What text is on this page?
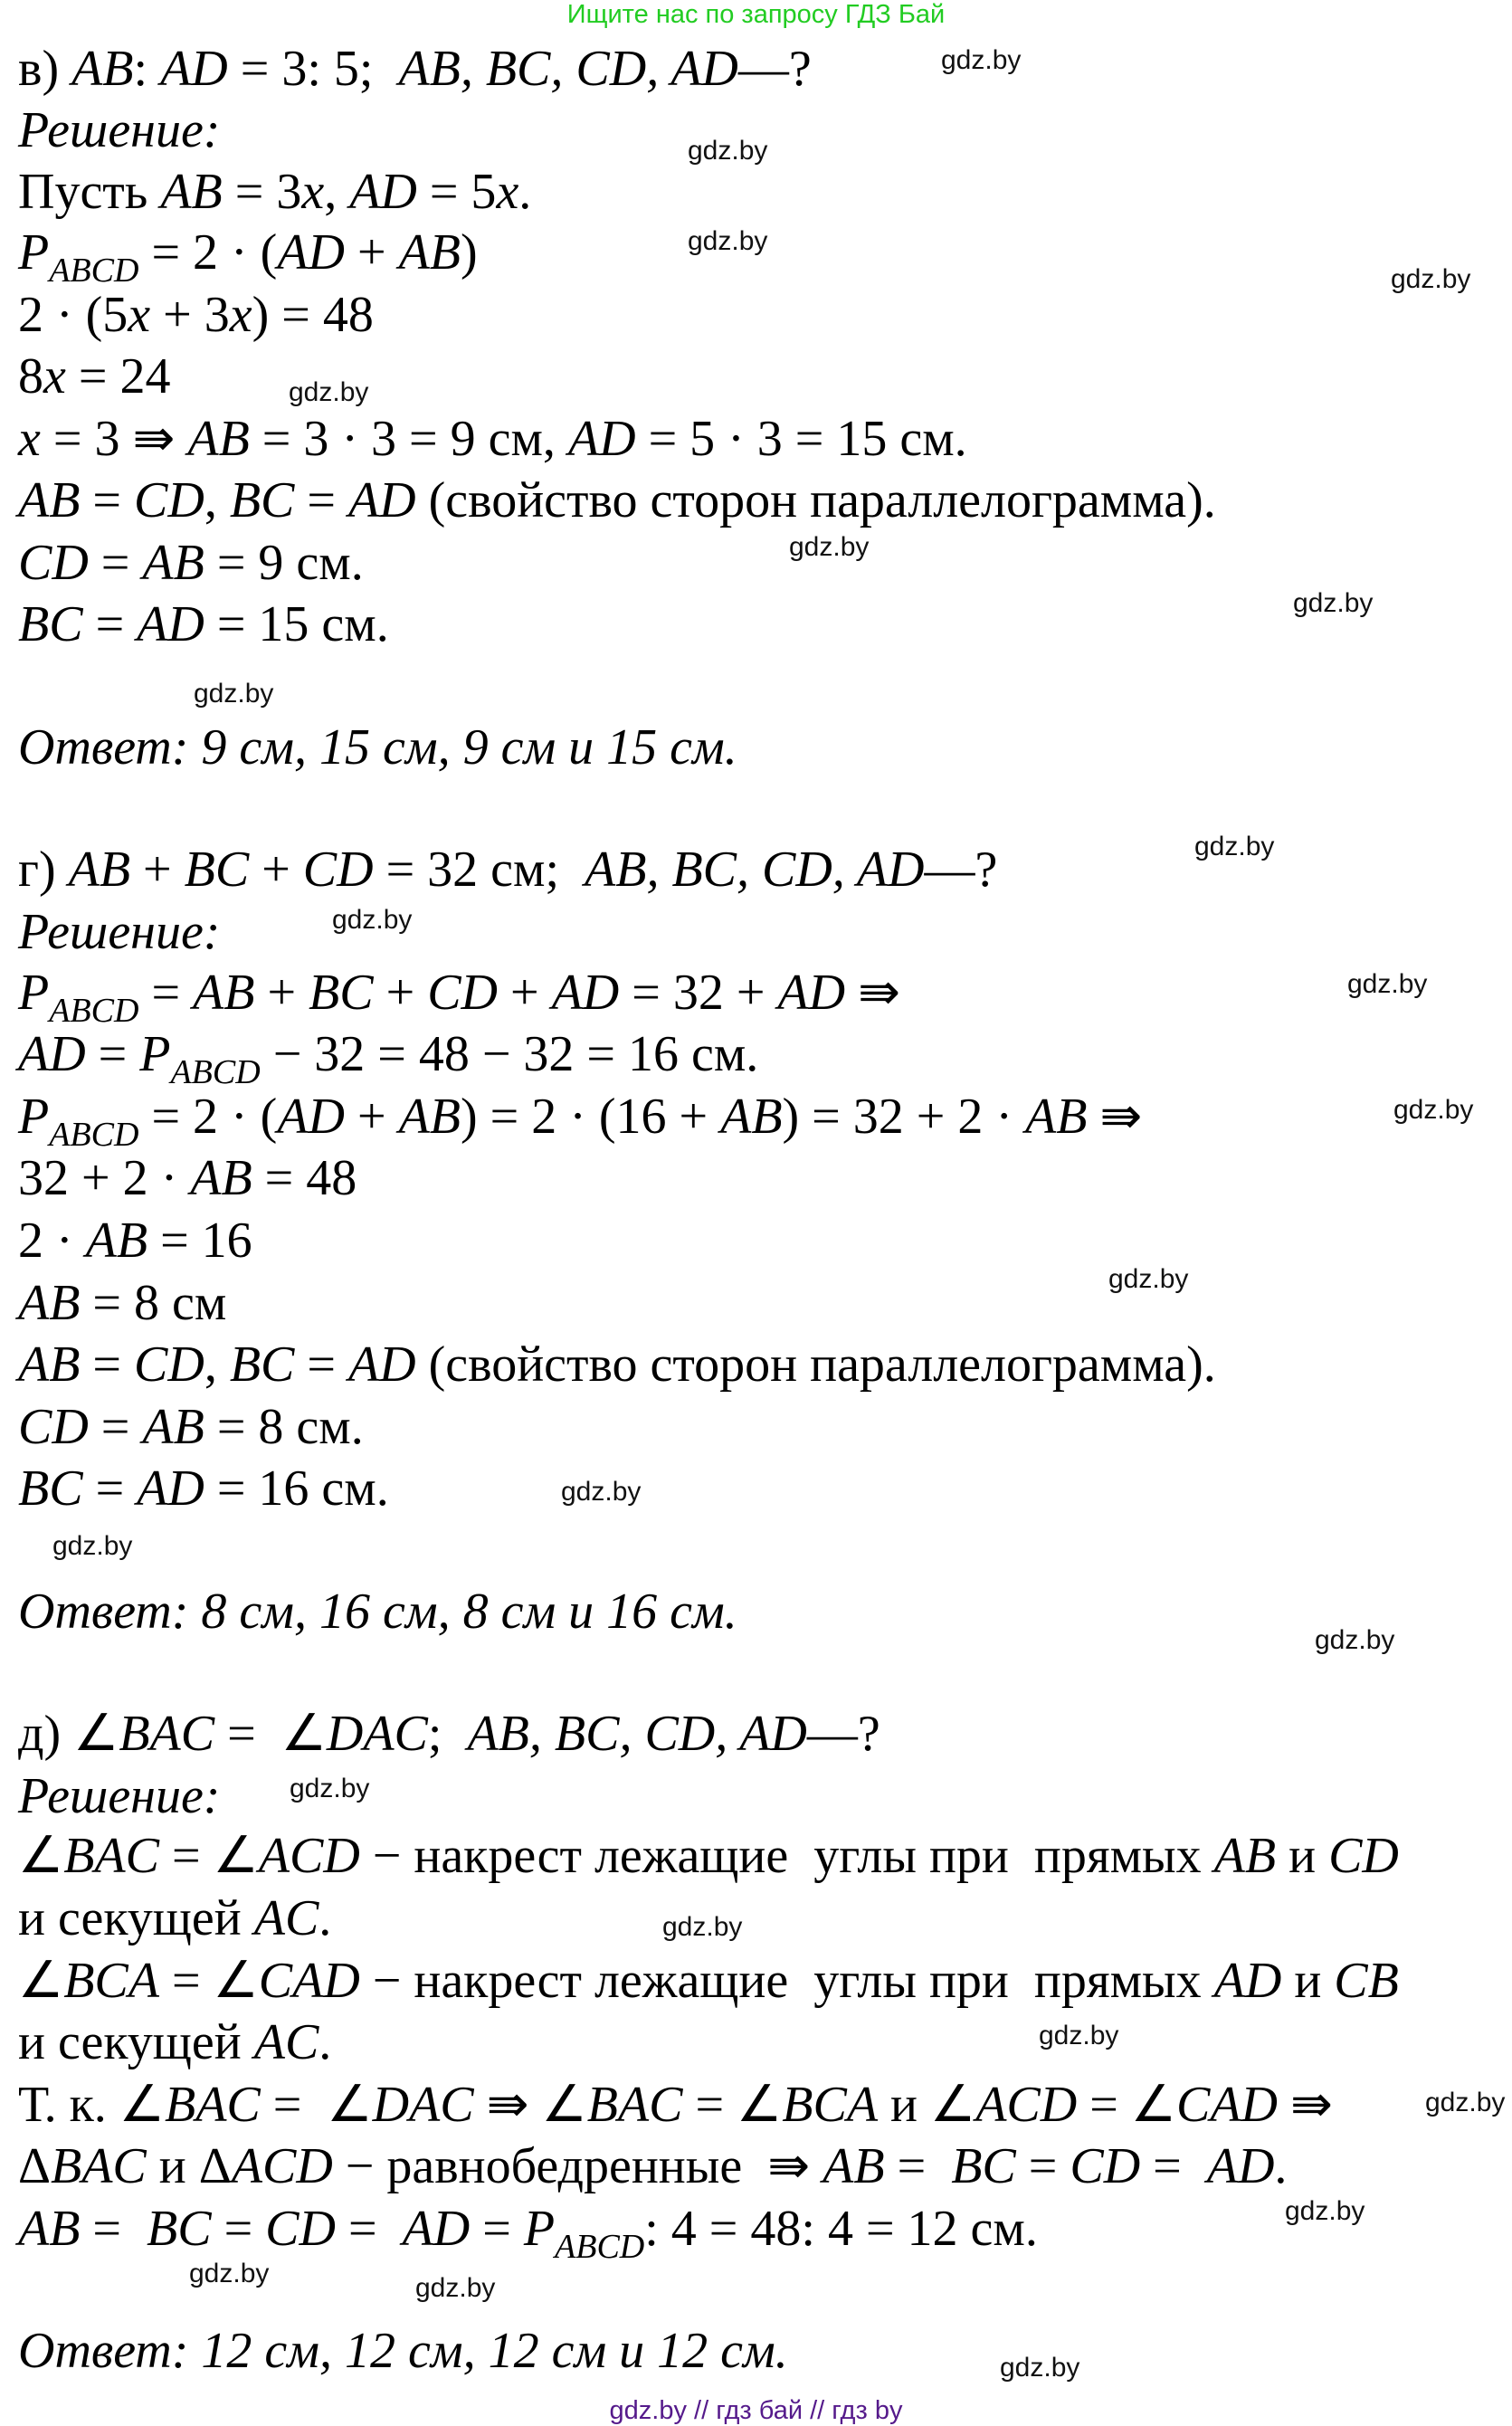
Ищите нас по запросу ГДЗ Бай
в) AB: AD = 3: 5;  AB, BC, CD, AD—?
Решение:
Пусть AB = 3x, AD = 5x.
$P_{ABCD} = 2 \cdot (AD + AB)$
2 · (5x + 3x) = 48
8x = 24
x = 3 ⇛ AB = 3 · 3 = 9 см, AD = 5 · 3 = 15 см.
AB = CD, BC = AD (свойство сторон параллелограмма).
CD = AB = 9 см.
BC = AD = 15 см.
Ответ: 9 см, 15 см, 9 см и 15 см.
г) AB + BC + CD = 32 см;  AB, BC, CD, AD—?
Решение:
$P_{ABCD}$ = AB + BC + CD + AD = 32 + AD ⇛
AD = $P_{ABCD} - 32 = 48 - 32 = 16$ см.
$P_{ABCD} = 2 \cdot (AD + AB) = 2 \cdot (16 + AB) = 32 + 2$ · AB ⇛
32 + 2 · AB = 48
2 · AB = 16
AB = 8 см
AB = CD, BC = AD (свойство сторон параллелограмма).
CD = AB = 8 см.
BC = AD = 16 см.
Ответ: 8 см, 16 см, 8 см и 16 см.
д) ∠BAC =  ∠DAC;  AB, BC, CD, AD—?
Решение:
∠BAC = ∠ACD − накрест лежащие  углы при  прямых AB и CD
и секущей AC.
∠BCA = ∠CAD − накрест лежащие  углы при  прямых AD и CB
и секущей AC.
Т. к. ∠BAC =  ∠DAC ⇛ ∠BAC = ∠BCA и ∠ACD = ∠CAD ⇛
ΔBAC и ΔACD − равнобедренные  ⇛ AB =  BC = CD =  AD.
AB =  BC = CD =  AD = $P_{ABCD}$: 4 = 48: 4 = 12 см.
Ответ: 12 см, 12 см, 12 см и 12 см.
gdz.by
gdz.by
gdz.by
gdz.by
gdz.by
gdz.by
gdz.by
gdz.by
gdz.by
gdz.by
gdz.by
gdz.by
gdz.by
gdz.by
gdz.by
gdz.by
gdz.by
gdz.by
gdz.by
gdz.by
gdz.by
gdz.by	gdz.by
gdz.by
gdz.by // гдз бай // гдз by
